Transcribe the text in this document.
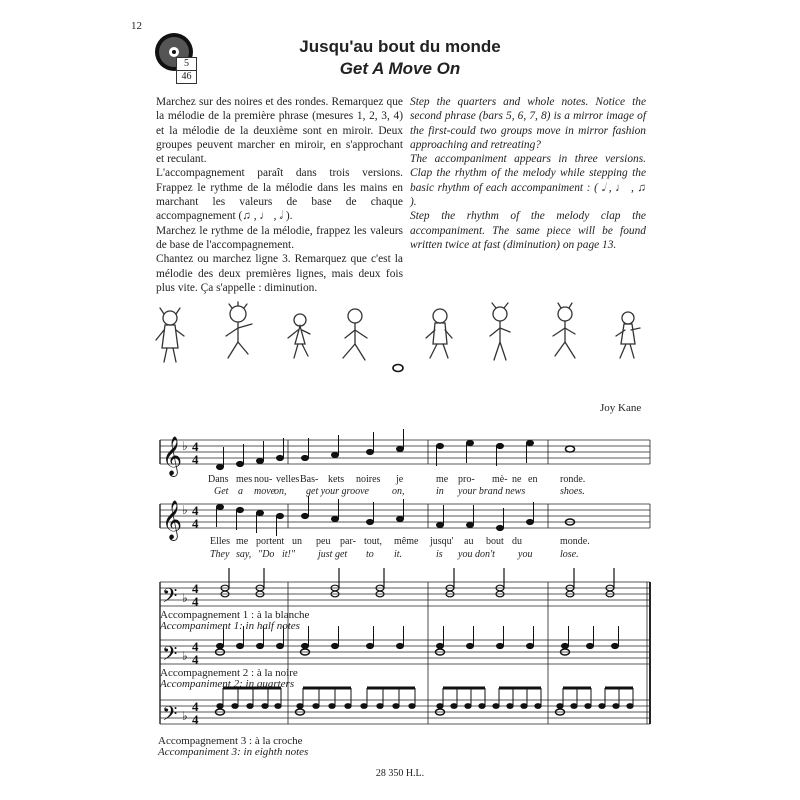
12
5
46
Jusqu'au bout du monde
Get A Move On

Marchez sur des noires et des rondes. Remarquez que la mélodie de la première phrase (mesures 1, 2, 3, 4) et la mélodie de la deuxième sont en miroir. Deux groupes peuvent marcher en miroir, en s'approchant et reculant.

L'accompagnement paraît dans trois versions. Frappez le rythme de la mélodie dans les mains en marchant les valeurs de base de chaque accompagnement (♫ , ♩ , 𝅗𝅥 ).

Marchez le rythme de la mélodie, frappez les valeurs de base de l'accompagnement.

Chantez ou marchez ligne 3. Remarquez que c'est la mélodie des deux premières lignes, mais deux fois plus vite. Ça s'appelle : diminution.

Step the quarters and whole notes. Notice the second phrase (bars 5, 6, 7, 8) is a mirror image of the first-could two groups move in mirror fashion approaching and retreating?

The accompaniment appears in three versions. Clap the rhythm of the melody while stepping the basic rhythm of each accompaniment : ( 𝅗𝅥 , ♩ , ♫ ).

Step the rhythm of the melody clap the accompaniment. The same piece will be found written twice at fast (diminution) on page 13.

Joy Kane
𝄞
𝄞
𝄢
𝄢
𝄢
♭
♭
♭
♭
♭
4
4
4
4
4
4
4
4
4
4
Dans mes nou- velles Bas- kets noires je	me pro- mè- ne en ronde.
Get a move
on, get your groove on,	in your brand news	shoes.
Elles me portent un peu par- tout, même jusqu' au bout du	monde.
They say, "Do it!" just get to it.	is you don't you	lose.
Accompagnement 1 : à la blanche
Accompaniment 1: in half notes
Accompagnement 2 : à la noire
Accompaniment 2: in quarters
Accompagnement 3 : à la croche
Accompaniment 3: in eighth notes
28 350 H.L.
